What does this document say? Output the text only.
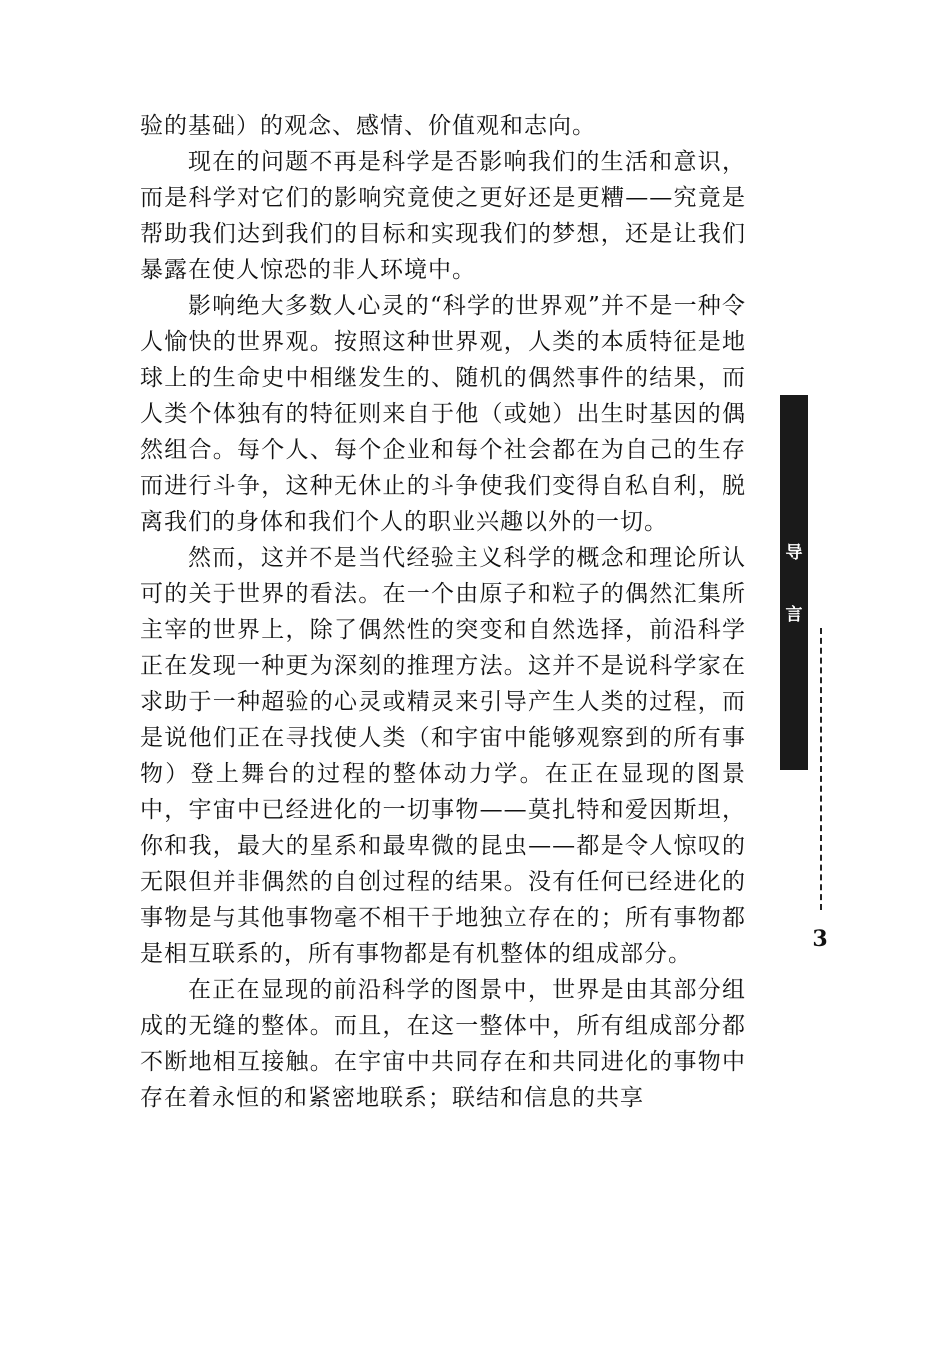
验的基础）的观念、感情、价值观和志向。

现在的问题不再是科学是否影响我们的生活和意识，而是科学对它们的影响究竟使之更好还是更糟——究竟是帮助我们达到我们的目标和实现我们的梦想，还是让我们暴露在使人惊恐的非人环境中。

影响绝大多数人心灵的“科学的世界观”并不是一种令人愉快的世界观。按照这种世界观，人类的本质特征是地球上的生命史中相继发生的、随机的偶然事件的结果，而人类个体独有的特征则来自于他（或她）出生时基因的偶然组合。每个人、每个企业和每个社会都在为自己的生存而进行斗争，这种无休止的斗争使我们变得自私自利，脱离我们的身体和我们个人的职业兴趣以外的一切。

然而，这并不是当代经验主义科学的概念和理论所认可的关于世界的看法。在一个由原子和粒子的偶然汇集所主宰的世界上，除了偶然性的突变和自然选择，前沿科学正在发现一种更为深刻的推理方法。这并不是说科学家在求助于一种超验的心灵或精灵来引导产生人类的过程，而是说他们正在寻找使人类（和宇宙中能够观察到的所有事物）登上舞台的过程的整体动力学。在正在显现的图景中，宇宙中已经进化的一切事物——莫扎特和爱因斯坦，你和我，最大的星系和最卑微的昆虫——都是令人惊叹的无限但并非偶然的自创过程的结果。没有任何已经进化的事物是与其他事物毫不相干于地独立存在的；所有事物都是相互联系的，所有事物都是有机整体的组成部分。

在正在显现的前沿科学的图景中，世界是由其部分组成的无缝的整体。而且，在这一整体中，所有组成部分都不断地相互接触。在宇宙中共同存在和共同进化的事物中存在着永恒的和紧密地联系；联结和信息的共享

导
言
3
